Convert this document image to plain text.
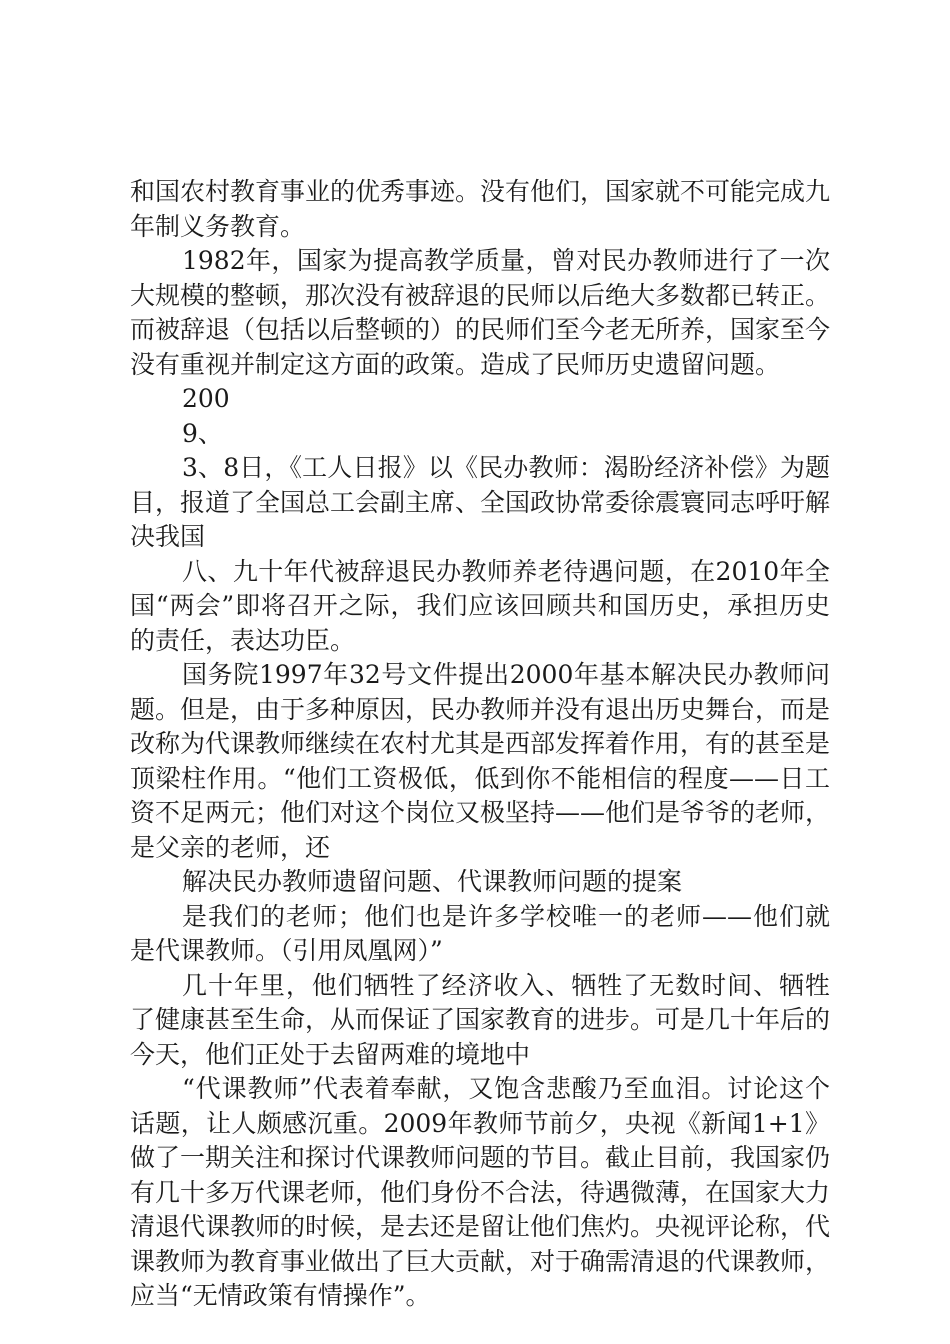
和国农村教育事业的优秀事迹。没有他们，国家就不可能完成九年制义务教育。

1982年，国家为提高教学质量，曾对民办教师进行了一次大规模的整顿，那次没有被辞退的民师以后绝大多数都已转正。而被辞退（包括以后整顿的）的民师们至今老无所养，国家至今没有重视并制定这方面的政策。造成了民师历史遗留问题。

200

9、

3、8日，《工人日报》以《民办教师：渴盼经济补偿》为题目，报道了全国总工会副主席、全国政协常委徐震寰同志呼吁解决我国

八、九十年代被辞退民办教师养老待遇问题，在2010年全国“两会”即将召开之际，我们应该回顾共和国历史，承担历史的责任，表达功臣。

国务院1997年32号文件提出2000年基本解决民办教师问题。但是，由于多种原因，民办教师并没有退出历史舞台，而是改称为代课教师继续在农村尤其是西部发挥着作用，有的甚至是顶梁柱作用。“他们工资极低，低到你不能相信的程度——日工资不足两元；他们对这个岗位又极坚持——他们是爷爷的老师，是父亲的老师，还

解决民办教师遗留问题、代课教师问题的提案

是我们的老师；他们也是许多学校唯一的老师——他们就是代课教师。（引用凤凰网）”

几十年里，他们牺牲了经济收入、牺牲了无数时间、牺牲了健康甚至生命，从而保证了国家教育的进步。可是几十年后的今天，他们正处于去留两难的境地中

“代课教师”代表着奉献，又饱含悲酸乃至血泪。讨论这个话题，让人颇感沉重。2009年教师节前夕，央视《新闻1+1》做了一期关注和探讨代课教师问题的节目。截止目前，我国家仍有几十多万代课老师，他们身份不合法，待遇微薄，在国家大力清退代课教师的时候，是去还是留让他们焦灼。央视评论称，代课教师为教育事业做出了巨大贡献，对于确需清退的代课教师，应当“无情政策有情操作”。
